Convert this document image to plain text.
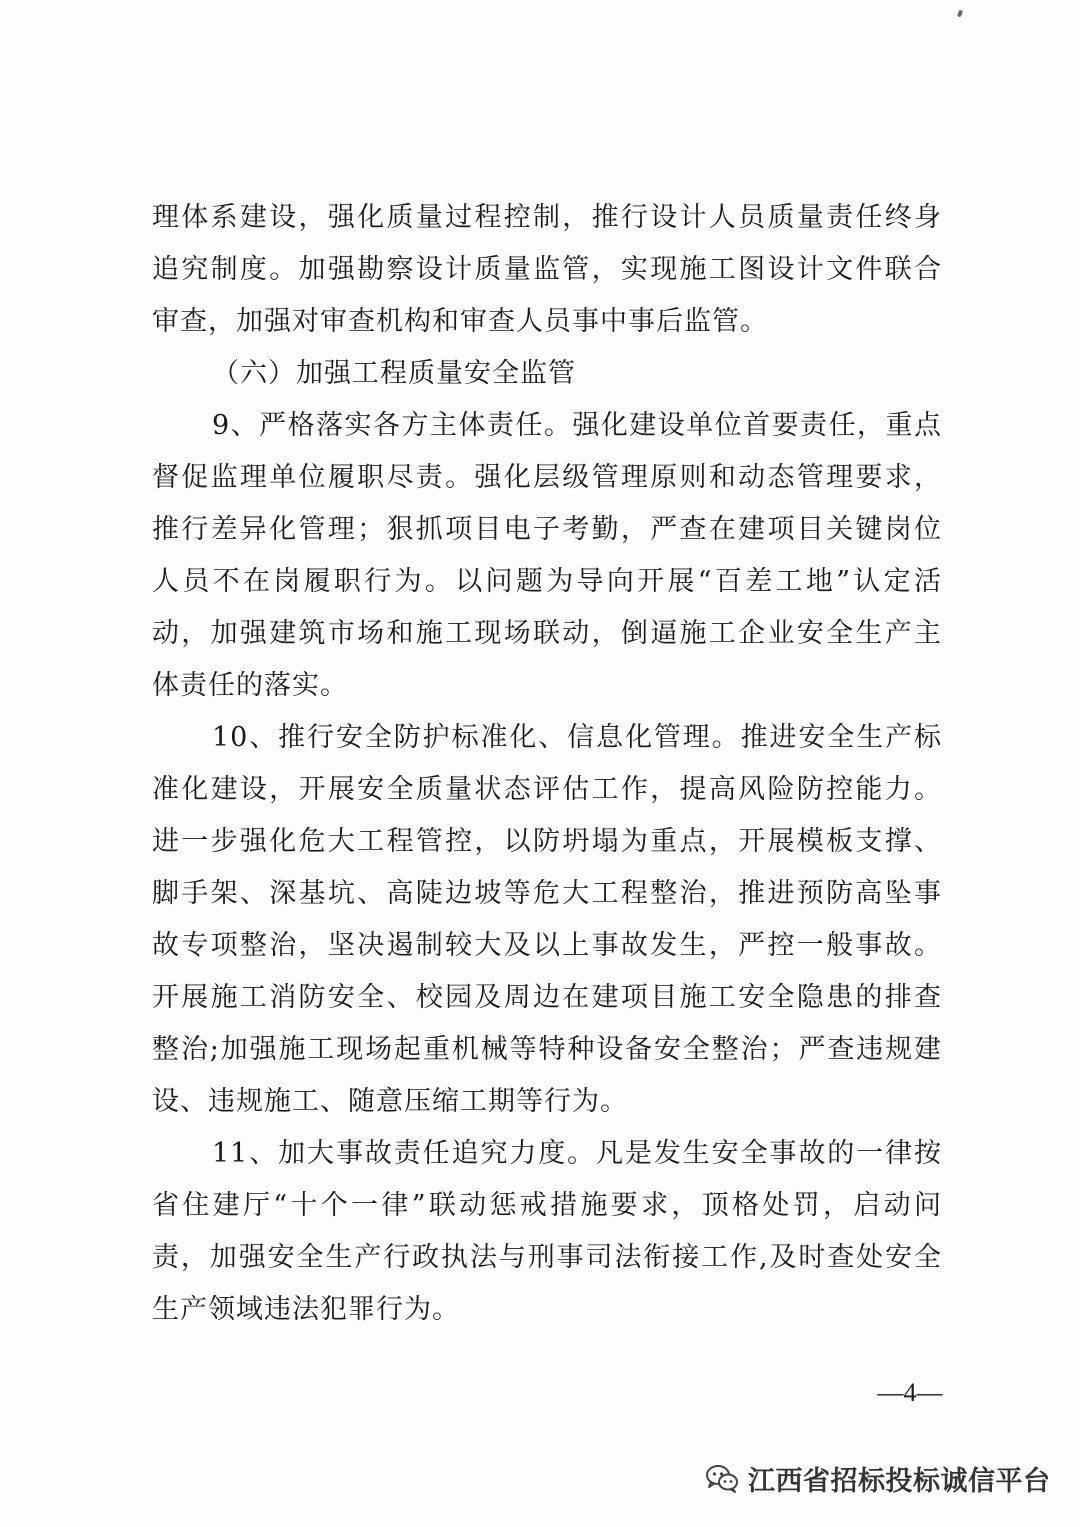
理体系建设，强化质量过程控制，推行设计人员质量责任终身
追究制度。加强勘察设计质量监管，实现施工图设计文件联合
审查，加强对审查机构和审查人员事中事后监管。
（六）加强工程质量安全监管
9、严格落实各方主体责任。强化建设单位首要责任，重点
督促监理单位履职尽责。强化层级管理原则和动态管理要求，
推行差异化管理；狠抓项目电子考勤，严查在建项目关键岗位
人员不在岗履职行为。以问题为导向开展“百差工地”认定活
动，加强建筑市场和施工现场联动，倒逼施工企业安全生产主
体责任的落实。
10、推行安全防护标准化、信息化管理。推进安全生产标
准化建设，开展安全质量状态评估工作，提高风险防控能力。
进一步强化危大工程管控，以防坍塌为重点，开展模板支撑、
脚手架、深基坑、高陡边坡等危大工程整治，推进预防高坠事
故专项整治，坚决遏制较大及以上事故发生，严控一般事故。
开展施工消防安全、校园及周边在建项目施工安全隐患的排查
整治;加强施工现场起重机械等特种设备安全整治；严查违规建
设、违规施工、随意压缩工期等行为。
11、加大事故责任追究力度。凡是发生安全事故的一律按
省住建厅“十个一律”联动惩戒措施要求，顶格处罚，启动问
责，加强安全生产行政执法与刑事司法衔接工作,及时查处安全
生产领域违法犯罪行为。
—4—
江西省招标投标诚信平台
